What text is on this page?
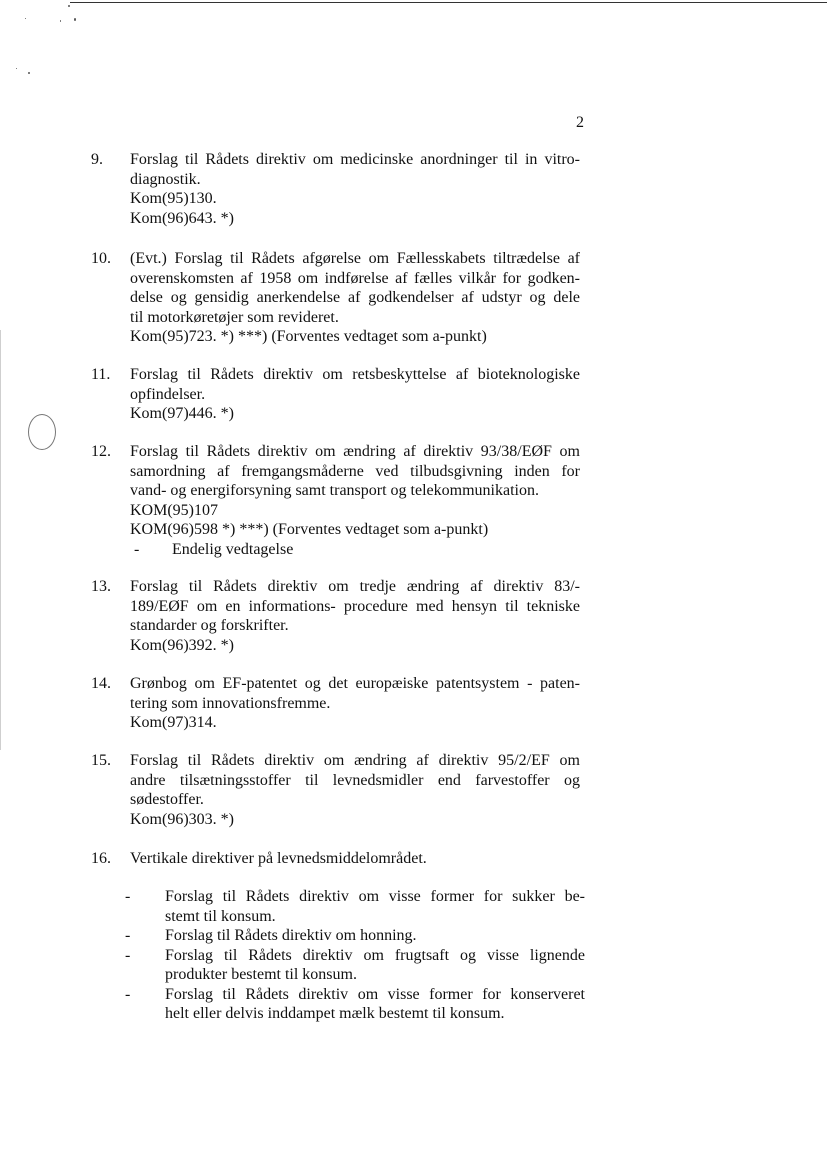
2
9.	Forslag til Rådets direktiv om medicinske anordninger til in vitro-
diagnostik.
Kom(95)130.
Kom(96)643. *)
10.	(Evt.) Forslag til Rådets afgørelse om Fællesskabets tiltrædelse af
overenskomsten af 1958 om indførelse af fælles vilkår for godken-
delse og gensidig anerkendelse af godkendelser af udstyr og dele
til motorkøretøjer som revideret.
Kom(95)723. *) ***) (Forventes vedtaget som a-punkt)
11.	Forslag til Rådets direktiv om retsbeskyttelse af bioteknologiske
opfindelser.
Kom(97)446. *)
12.	Forslag til Rådets direktiv om ændring af direktiv 93/38/EØF om
samordning af fremgangsmåderne ved tilbudsgivning inden for
vand- og energiforsyning samt transport og telekommunikation.
KOM(95)107
KOM(96)598 *) ***) (Forventes vedtaget som a-punkt)
- Endelig vedtagelse
13.	Forslag til Rådets direktiv om tredje ændring af direktiv 83/-
189/EØF om en informations- procedure med hensyn til tekniske
standarder og forskrifter.
Kom(96)392. *)
14.	Grønbog om EF-patentet og det europæiske patentsystem - paten-
tering som innovationsfremme.
Kom(97)314.
15.	Forslag til Rådets direktiv om ændring af direktiv 95/2/EF om
andre tilsætningsstoffer til levnedsmidler end farvestoffer og
sødestoffer.
Kom(96)303. *)
16.	Vertikale direktiver på levnedsmiddelområdet.
-	Forslag til Rådets direktiv om visse former for sukker be-
stemt til konsum.
-	Forslag til Rådets direktiv om honning.
-	Forslag til Rådets direktiv om frugtsaft og visse lignende
produkter bestemt til konsum.
-	Forslag til Rådets direktiv om visse former for konserveret
helt eller delvis inddampet mælk bestemt til konsum.
